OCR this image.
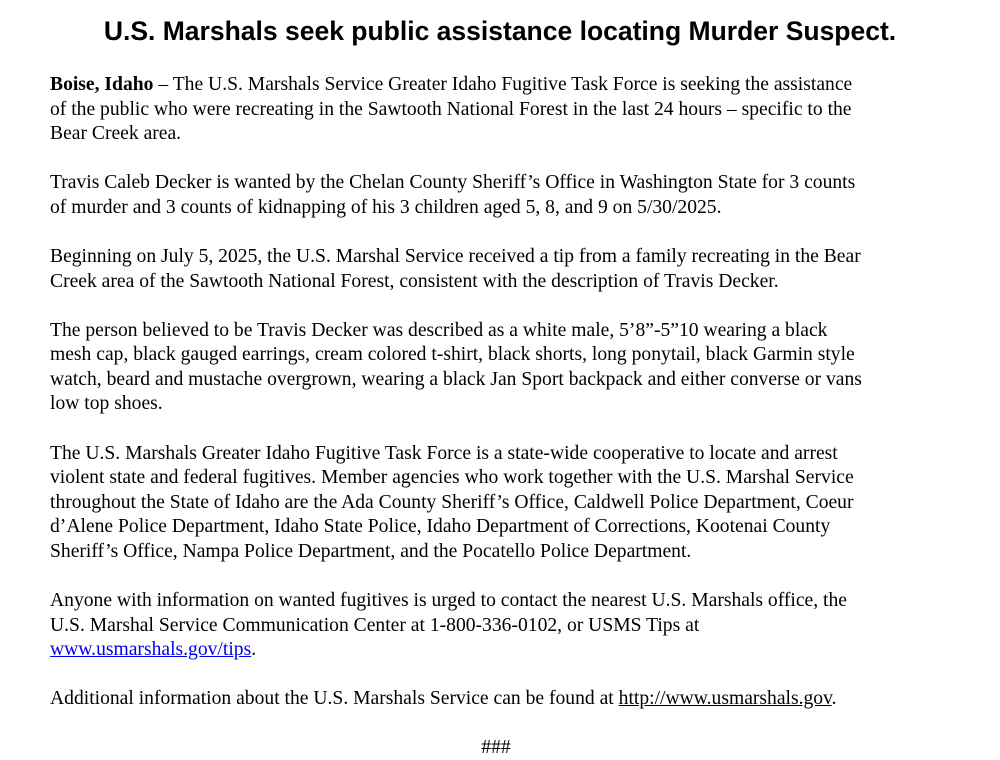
U.S. Marshals seek public assistance locating Murder Suspect.

Boise, Idaho – The U.S. Marshals Service Greater Idaho Fugitive Task Force is seeking the assistance
of the public who were recreating in the Sawtooth National Forest in the last 24 hours – specific to the
Bear Creek area.

Travis Caleb Decker is wanted by the Chelan County Sheriff’s Office in Washington State for 3 counts
of murder and 3 counts of kidnapping of his 3 children aged 5, 8, and 9 on 5/30/2025.

Beginning on July 5, 2025, the U.S. Marshal Service received a tip from a family recreating in the Bear
Creek area of the Sawtooth National Forest, consistent with the description of Travis Decker.

The person believed to be Travis Decker was described as a white male, 5’8”-5”10 wearing a black
mesh cap, black gauged earrings, cream colored t-shirt, black shorts, long ponytail, black Garmin style
watch, beard and mustache overgrown, wearing a black Jan Sport backpack and either converse or vans
low top shoes.

The U.S. Marshals Greater Idaho Fugitive Task Force is a state-wide cooperative to locate and arrest
violent state and federal fugitives. Member agencies who work together with the U.S. Marshal Service
throughout the State of Idaho are the Ada County Sheriff’s Office, Caldwell Police Department, Coeur
d’Alene Police Department, Idaho State Police, Idaho Department of Corrections, Kootenai County
Sheriff’s Office, Nampa Police Department, and the Pocatello Police Department.

Anyone with information on wanted fugitives is urged to contact the nearest U.S. Marshals office, the
U.S. Marshal Service Communication Center at 1-800-336-0102, or USMS Tips at
www.usmarshals.gov/tips.

Additional information about the U.S. Marshals Service can be found at http://www.usmarshals.gov.

###
